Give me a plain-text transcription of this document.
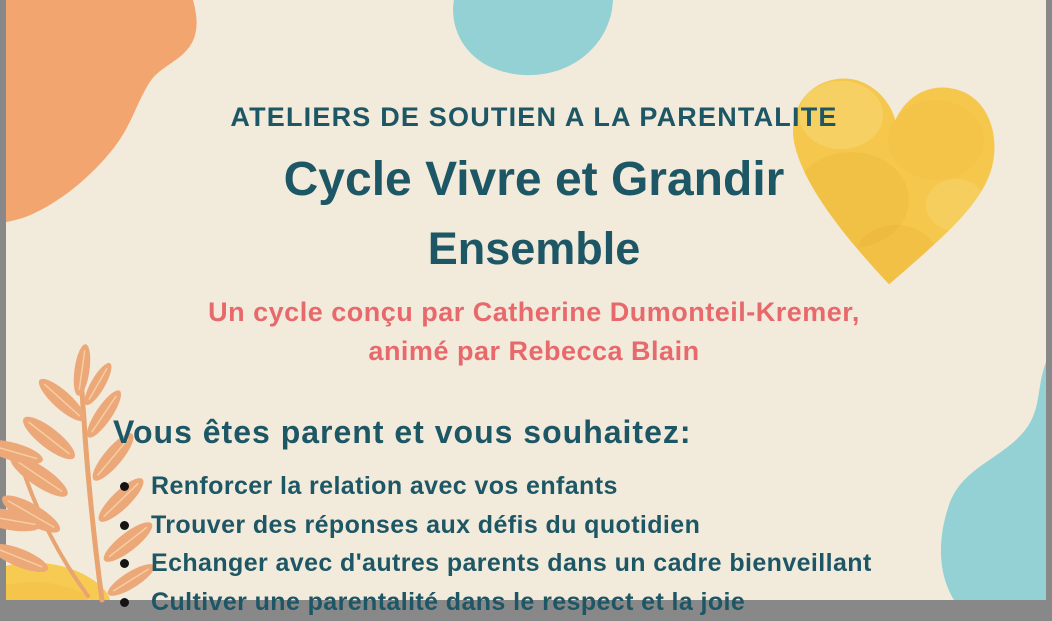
ATELIERS DE SOUTIEN A LA PARENTALITE
Cycle Vivre et Grandir
Ensemble
Un cycle conçu par Catherine Dumonteil-Kremer,
animé par Rebecca Blain
Vous êtes parent et vous souhaitez:
Renforcer la relation avec vos enfants
Trouver des réponses aux défis du quotidien
Echanger avec d'autres parents dans un cadre bienveillant
Cultiver une parentalité dans le respect et la joie
